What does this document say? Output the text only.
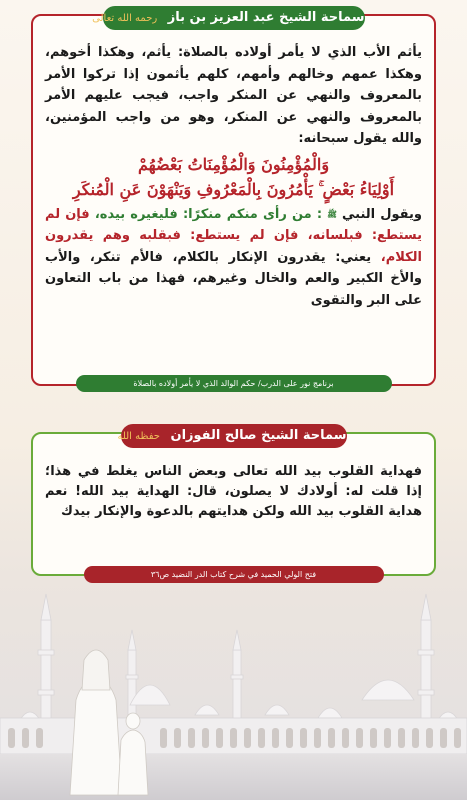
سماحة الشيخ عبد العزيز بن باز رحمه الله تعالى
يأثم الأب الذي لا يأمر أولاده بالصلاة: يأثم، وهكذا أخوهم، وهكذا عمهم وخالهم وأمهم، كلهم يأثمون إذا تركوا الأمر بالمعروف والنهي عن المنكر واجب، فيجب عليهم الأمر بالمعروف والنهي عن المنكر، وهو من واجب المؤمنين، والله يقول سبحانه:
وَالْمُؤْمِنُونَ وَالْمُؤْمِنَاتُ بَعْضُهُمْ
أَوْلِيَاءُ بَعْضٍ ۚ يَأْمُرُونَ بِالْمَعْرُوفِ وَيَنْهَوْنَ عَنِ الْمُنكَرِ
ويقول النبي ﷺ : من رأى منكم منكرًا: فليغيره بيده، فإن لم يستطع: فبلسانه، فإن لم يستطع: فبقلبه وهم يقدرون الكلام، يعني: يقدرون الإنكار بالكلام، فالأم تنكر، والأب والأخ الكبير والعم والخال وغيرهم، فهذا من باب التعاون على البر والتقوى
برنامج نور على الدرب/ حكم الوالد الذي لا يأمر أولاده بالصلاة
سماحة الشيخ صالح الفوزان حفظه الله
فهداية القلوب بيد الله تعالى وبعض الناس يغلط في هذا؛ إذا قلت له: أولادك لا يصلون، قال: الهداية بيد الله! نعم هداية القلوب بيد الله ولكن هدايتهم بالدعوة والإنكار بيدك
فتح الولي الحميد في شرح كتاب الدر النضيد ص٣٦
